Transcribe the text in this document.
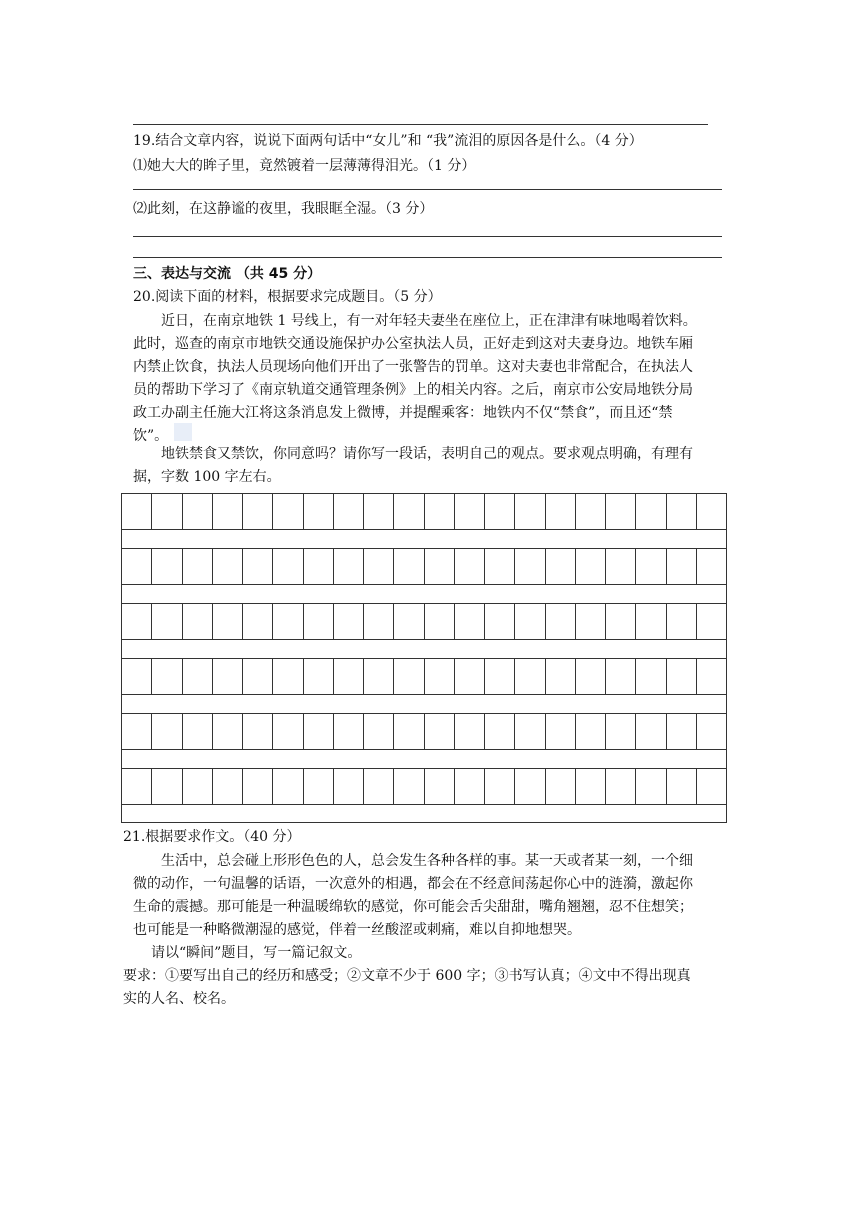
19.结合文章内容，说说下面两句话中“女儿”和 “我”流泪的原因各是什么。（4 分）
⑴她大大的眸子里，竟然镀着一层薄薄得泪光。（1 分）
⑵此刻，在这静谧的夜里，我眼眶全湿。（3 分）
三、表达与交流 （共 45 分）
20.阅读下面的材料，根据要求完成题目。（5 分）
近日，在南京地铁 1 号线上，有一对年轻夫妻坐在座位上，正在津津有味地喝着饮料。
此时，巡查的南京市地铁交通设施保护办公室执法人员，正好走到这对夫妻身边。地铁车厢
内禁止饮食，执法人员现场向他们开出了一张警告的罚单。这对夫妻也非常配合，在执法人
员的帮助下学习了《南京轨道交通管理条例》上的相关内容。之后，南京市公安局地铁分局
政工办副主任施大江将这条消息发上微博，并提醒乘客：地铁内不仅“禁食”，而且还“禁
饮”。
地铁禁食又禁饮，你同意吗？请你写一段话，表明自己的观点。要求观点明确，有理有
据，字数 100 字左右。
21.根据要求作文。（40 分）
生活中，总会碰上形形色色的人，总会发生各种各样的事。某一天或者某一刻，一个细
微的动作，一句温馨的话语，一次意外的相遇，都会在不经意间荡起你心中的涟漪，激起你
生命的震撼。那可能是一种温暖绵软的感觉，你可能会舌尖甜甜，嘴角翘翘，忍不住想笑；
也可能是一种略微潮湿的感觉，伴着一丝酸涩或刺痛，难以自抑地想哭。
请以“瞬间”题目，写一篇记叙文。
要求：①要写出自己的经历和感受；②文章不少于 600 字；③书写认真；④文中不得出现真
实的人名、校名。
